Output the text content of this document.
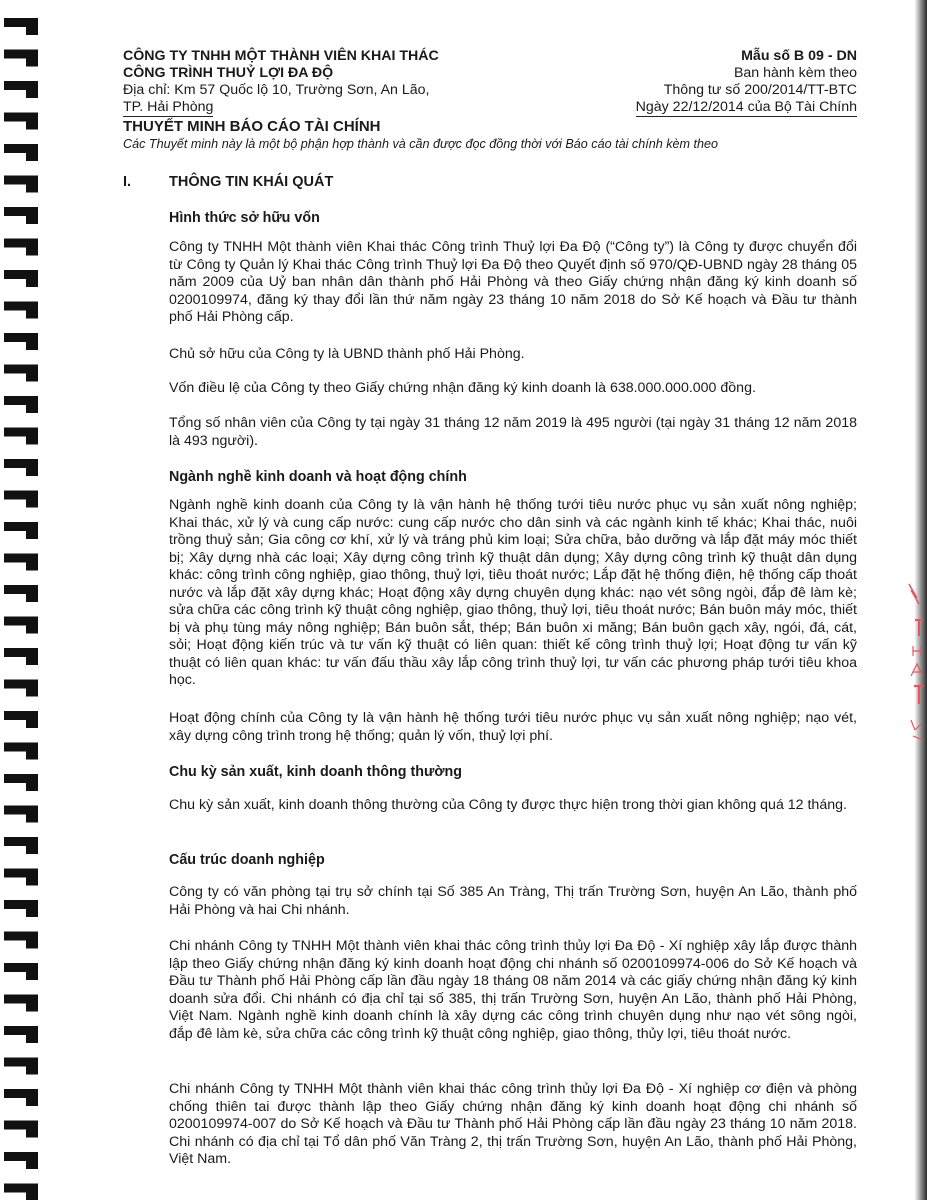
CÔNG TY TNHH MỘT THÀNH VIÊN KHAI THÁC
CÔNG TRÌNH THUỶ LỢI ĐA ĐỘ
Địa chỉ: Km 57 Quốc lộ 10, Trường Sơn, An Lão,
TP. Hải Phòng
Mẫu số B 09 - DN
Ban hành kèm theo
Thông tư số 200/2014/TT-BTC
Ngày 22/12/2014 của Bộ Tài Chính
THUYẾT MINH BÁO CÁO TÀI CHÍNH
Các Thuyết minh này là một bộ phận hợp thành và cần được đọc đồng thời với Báo cáo tài chính kèm theo
I.	THÔNG TIN KHÁI QUÁT
Hình thức sở hữu vốn
Công ty TNHH Một thành viên Khai thác Công trình Thuỷ lợi Đa Độ (“Công ty”) là Công ty được chuyển đổi từ Công ty Quản lý Khai thác Công trình Thuỷ lợi Đa Độ theo Quyết định số 970/QĐ-UBND ngày 28 tháng 05 năm 2009 của Uỷ ban nhân dân thành phố Hải Phòng và theo Giấy chứng nhận đăng ký kinh doanh số 0200109974, đăng ký thay đổi lần thứ năm ngày 23 tháng 10 năm 2018 do Sở Kế hoạch và Đầu tư thành phố Hải Phòng cấp.
Chủ sở hữu của Công ty là UBND thành phố Hải Phòng.
Vốn điều lệ của Công ty theo Giấy chứng nhận đăng ký kinh doanh là 638.000.000.000 đồng.
Tổng số nhân viên của Công ty tại ngày 31 tháng 12 năm 2019 là 495 người (tại ngày 31 tháng 12 năm 2018 là 493 người).
Ngành nghề kinh doanh và hoạt động chính
Ngành nghề kinh doanh của Công ty là vận hành hệ thống tưới tiêu nước phục vụ sản xuất nông nghiệp; Khai thác, xử lý và cung cấp nước: cung cấp nước cho dân sinh và các ngành kinh tế khác; Khai thác, nuôi trồng thuỷ sản; Gia công cơ khí, xử lý và tráng phủ kim loại; Sửa chữa, bảo dưỡng và lắp đặt máy móc thiết bị; Xây dựng nhà các loại; Xây dựng công trình kỹ thuật dân dụng; Xây dựng công trình kỹ thuật dân dụng khác: công trình công nghiệp, giao thông, thuỷ lợi, tiêu thoát nước; Lắp đặt hệ thống điện, hệ thống cấp thoát nước và lắp đặt xây dựng khác; Hoạt động xây dựng chuyên dụng khác: nạo vét sông ngòi, đắp đê làm kè; sửa chữa các công trình kỹ thuật công nghiệp, giao thông, thuỷ lợi, tiêu thoát nước; Bán buôn máy móc, thiết bị và phụ tùng máy nông nghiệp; Bán buôn sắt, thép; Bán buôn xi măng; Bán buôn gạch xây, ngói, đá, cát, sỏi; Hoạt động kiến trúc và tư vấn kỹ thuật có liên quan: thiết kế công trình thuỷ lợi; Hoạt động tư vấn kỹ thuật có liên quan khác: tư vấn đấu thầu xây lắp công trình thuỷ lợi, tư vấn các phương pháp tưới tiêu khoa học.
Hoạt động chính của Công ty là vận hành hệ thống tưới tiêu nước phục vụ sản xuất nông nghiệp; nạo vét, xây dựng công trình trong hệ thống; quản lý vốn, thuỷ lợi phí.
Chu kỳ sản xuất, kinh doanh thông thường
Chu kỳ sản xuất, kinh doanh thông thường của Công ty được thực hiện trong thời gian không quá 12 tháng.
Cấu trúc doanh nghiệp
Công ty có văn phòng tại trụ sở chính tại Số 385 An Tràng, Thị trấn Trường Sơn, huyện An Lão, thành phố Hải Phòng và hai Chi nhánh.
Chi nhánh Công ty TNHH Một thành viên khai thác công trình thủy lợi Đa Độ - Xí nghiệp xây lắp được thành lập theo Giấy chứng nhận đăng ký kinh doanh hoạt động chi nhánh số 0200109974-006 do Sở Kế hoạch và Đầu tư Thành phố Hải Phòng cấp lần đầu ngày 18 tháng 08 năm 2014 và các giấy chứng nhận đăng ký kinh doanh sửa đổi. Chi nhánh có địa chỉ tại số 385, thị trấn Trường Sơn, huyện An Lão, thành phố Hải Phòng, Việt Nam. Ngành nghề kinh doanh chính là xây dựng các công trình chuyên dụng như nạo vét sông ngòi, đắp đê làm kè, sửa chữa các công trình kỹ thuật công nghiệp, giao thông, thủy lợi, tiêu thoát nước.
Chi nhánh Công ty TNHH Một thành viên khai thác công trình thủy lợi Đa Độ - Xí nghiệp cơ điện và phòng chống thiên tai được thành lập theo Giấy chứng nhận đăng ký kinh doanh hoạt động chi nhánh số 0200109974-007 do Sở Kế hoạch và Đầu tư Thành phố Hải Phòng cấp lần đầu ngày 23 tháng 10 năm 2018. Chi nhánh có địa chỉ tại Tổ dân phố Văn Tràng 2, thị trấn Trường Sơn, huyện An Lão, thành phố Hải Phòng, Việt Nam.
